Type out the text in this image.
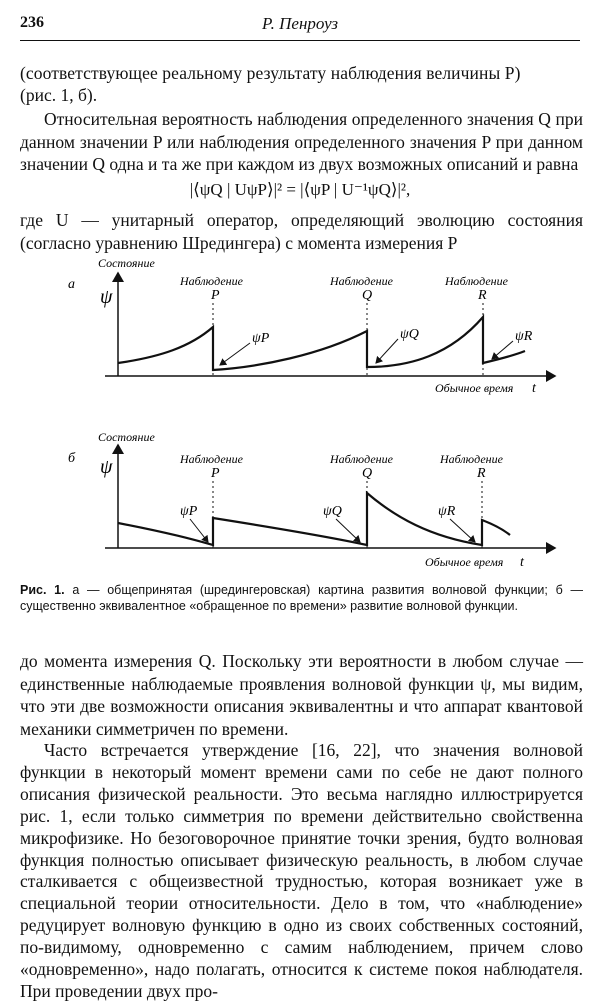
236	Р. Пенроуз

(соответствующее реальному результату наблюдения величины P)
(рис. 1, б).

Относительная вероятность наблюдения определенного значения Q при данном значении P или наблюдения определенного значения P при данном значении Q одна и та же при каждом из двух возможных описаний и равна

|⟨ψQ | UψP⟩|² = |⟨ψP | U⁻¹ψQ⟩|²,

где U — унитарный оператор, определяющий эволюцию состояния (согласно уравнению Шредингера) с момента измерения P

а
Состояние
ψ
Обычное время t
Наблюдение
P
Наблюдение
Q
Наблюдение
R
ψP	ψQ	ψR
б
Состояние
ψ
Обычное время t
Наблюдение
P
Наблюдение
Q
Наблюдение
R
ψP	ψQ	ψR
Рис. 1. а — общепринятая (шредингеровская) картина развития волновой функции; б — существенно эквивалентное «обращенное по времени» развитие волновой функции.

до момента измерения Q. Поскольку эти вероятности в любом случае — единственные наблюдаемые проявления волновой функции ψ, мы видим, что эти две возможности описания эквивалентны и что аппарат квантовой механики симметричен по времени.

Часто встречается утверждение [16, 22], что значения волновой функции в некоторый момент времени сами по себе не дают полного описания физической реальности. Это весьма наглядно иллюстрируется рис. 1, если только симметрия по времени действительно свойственна микрофизике. Но безоговорочное принятие точки зрения, будто волновая функция полностью описывает физическую реальность, в любом случае сталкивается с общеизвестной трудностью, которая возникает уже в специальной теории относительности. Дело в том, что «наблюдение» редуцирует волновую функцию в одно из своих собственных состояний, по-видимому, одновременно с самим наблюдением, причем слово «одновременно», надо полагать, относится к системе покоя наблюдателя. При проведении двух про-
